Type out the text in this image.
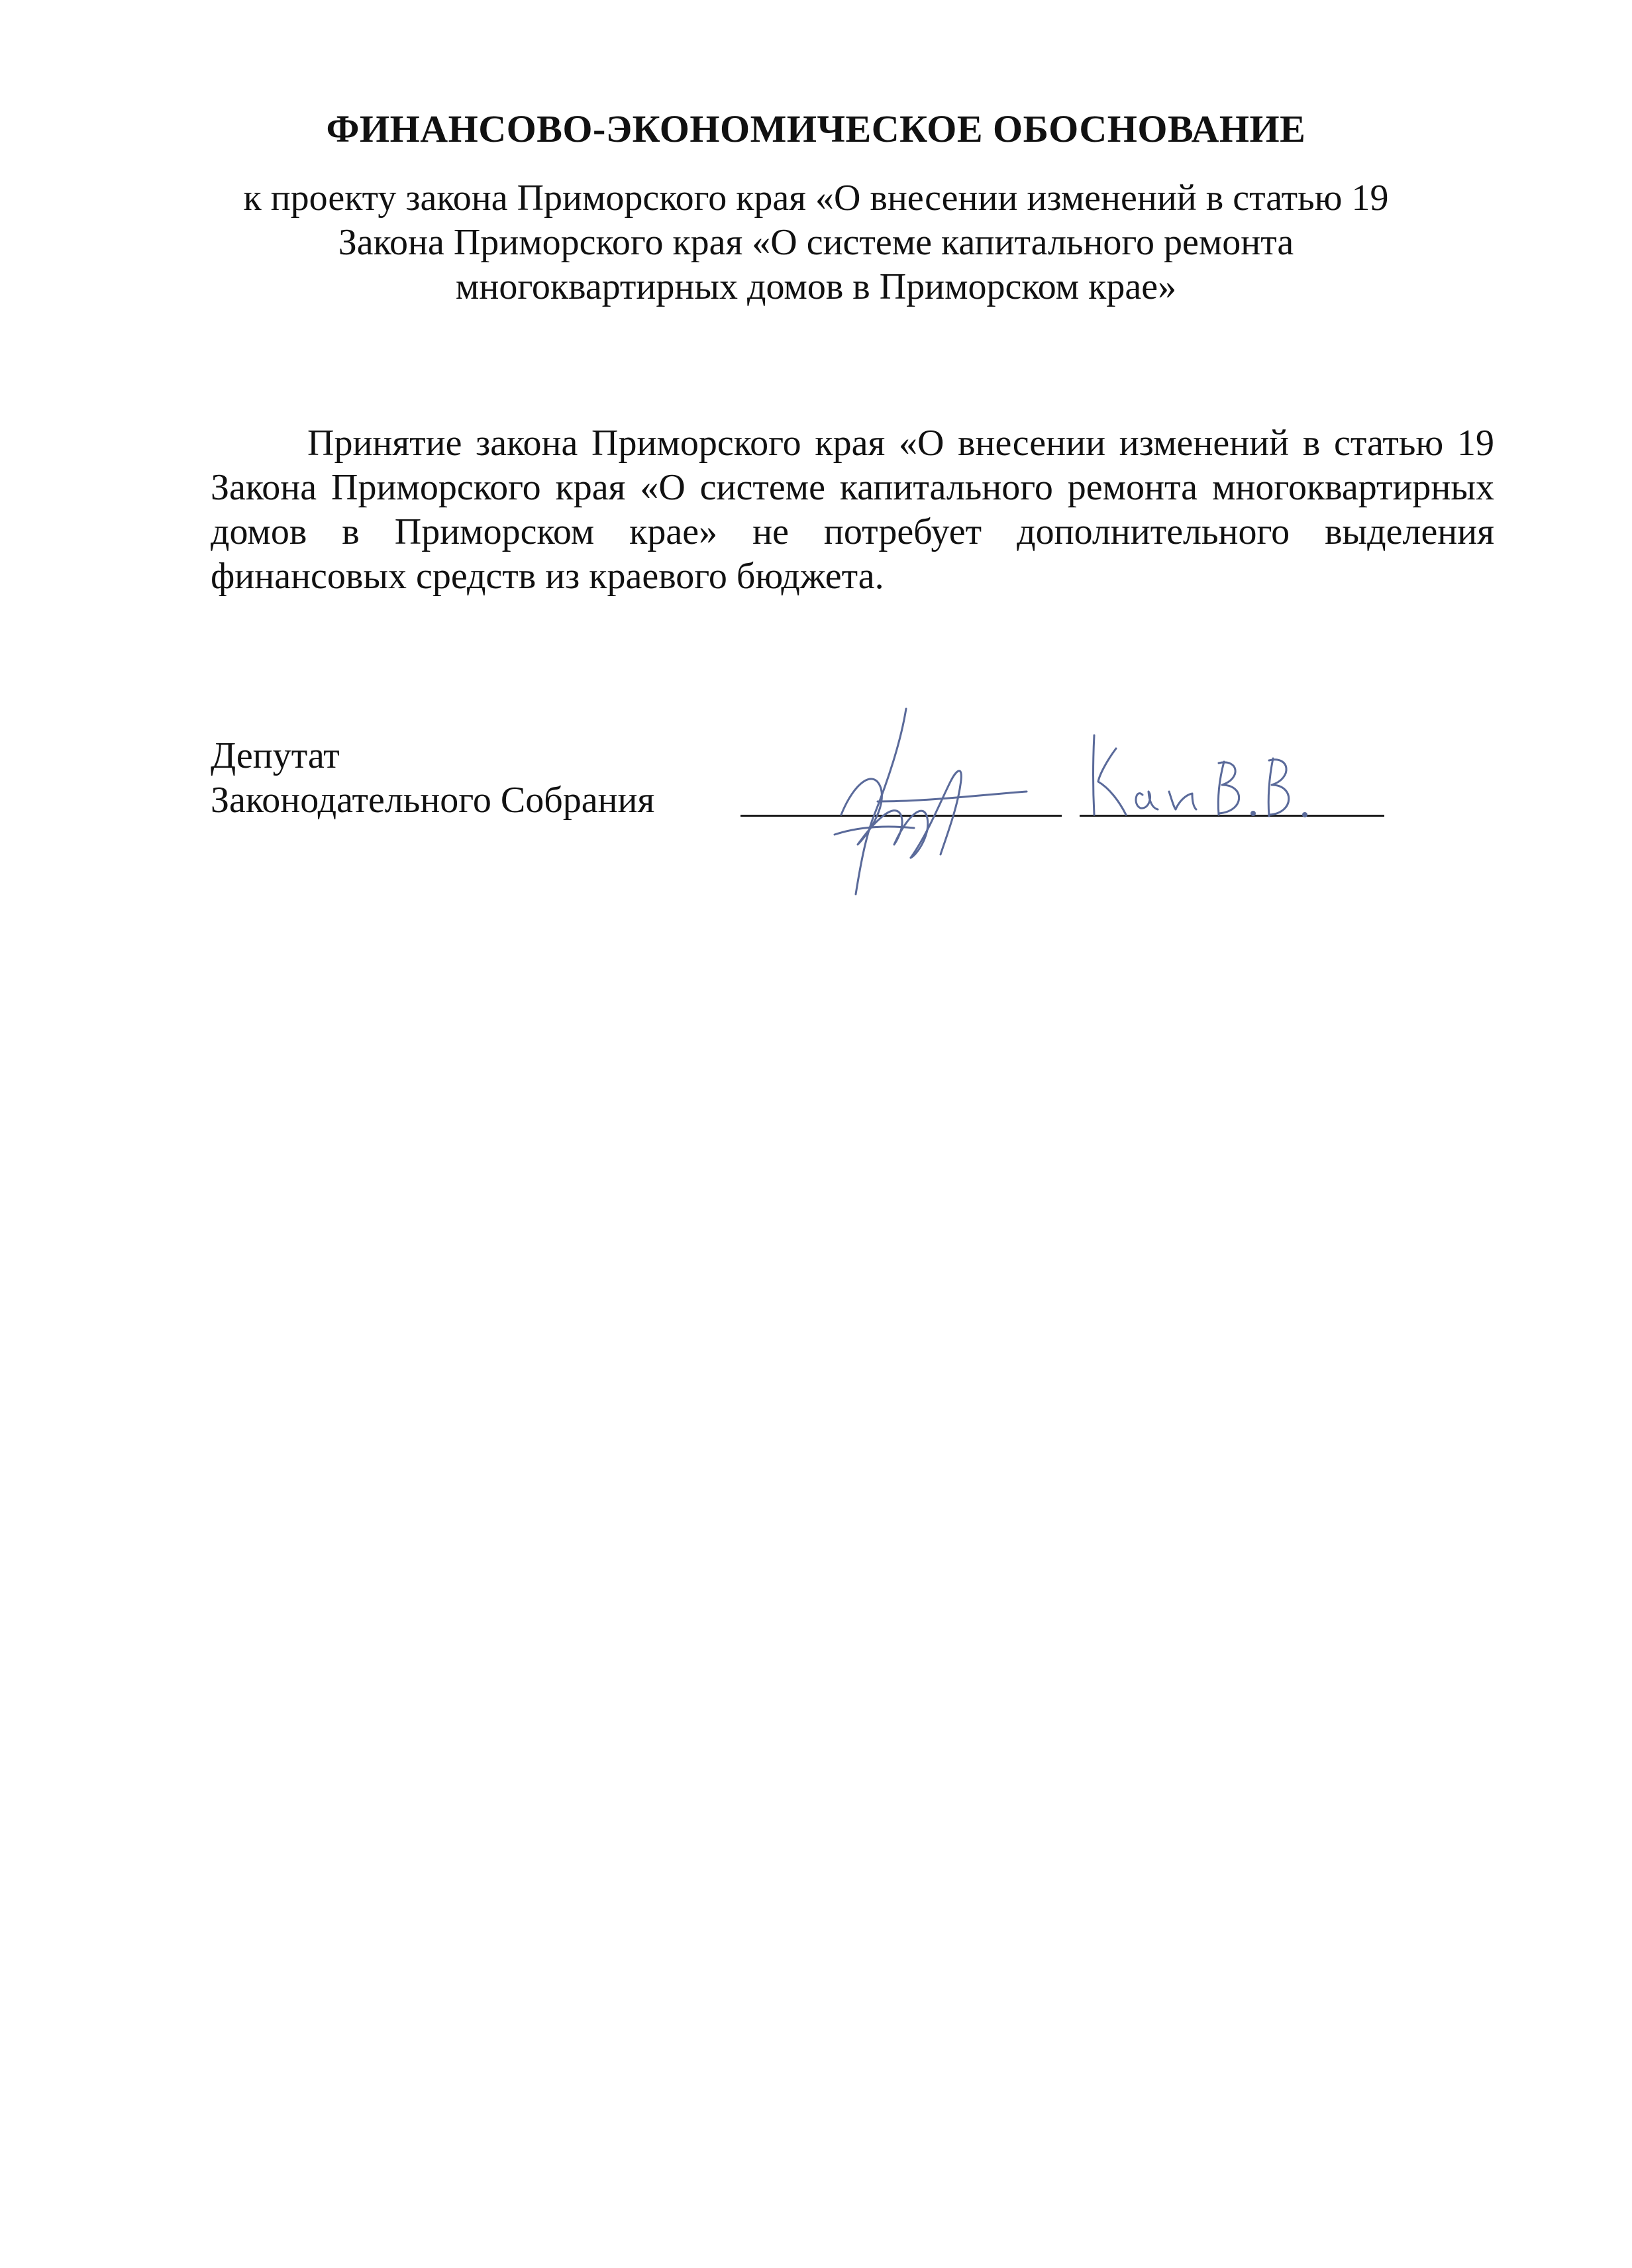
ФИНАНСОВО-ЭКОНОМИЧЕСКОЕ ОБОСНОВАНИЕ
к проекту закона Приморского края «О внесении изменений в статью 19
Закона Приморского края «О системе капитального ремонта
многоквартирных домов в Приморском крае»
Принятие закона Приморского края «О внесении изменений в статью 19
Закона Приморского края «О системе капитального ремонта многоквартирных
домов в Приморском крае» не потребует дополнительного выделения
финансовых средств из краевого бюджета.
Депутат
Законодательного Собрания
